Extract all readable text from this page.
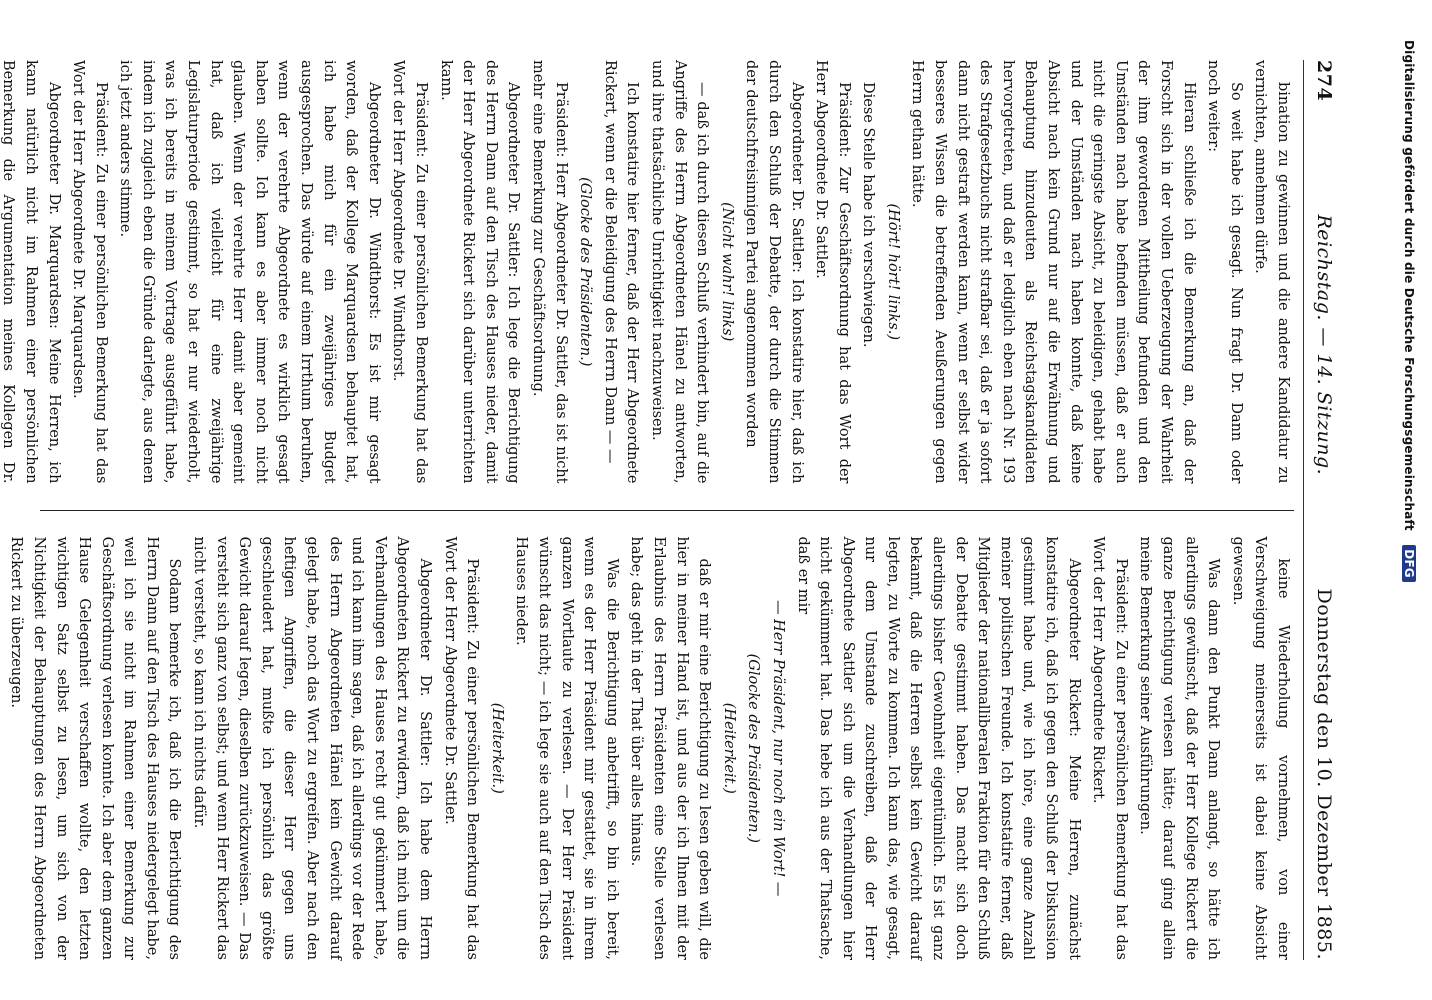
274
Reichstag. — 14. Sitzung.
Donnerstag den 10. Dezember 1885.

bination zu gewinnen und die andere Kandidatur zu vernichten, annehmen dürfe.

So weit habe ich gesagt. Nun fragt Dr. Dann oder noch weiter:

Hieran schließe ich die Bemerkung an, daß der Forscht sich in der vollen Ueberzeugung der Wahrheit der ihm gewordenen Mittheilung befunden und den Umständen nach habe befinden müssen, daß er auch nicht die geringste Absicht, zu beleidigen, gehabt habe und der Umständen nach haben konnte, daß keine Absicht nach kein Grund nur auf die Erwähnung und Behauptung hinzudeuten als Reichstagskandidaten hervorgetreten, und daß er lediglich eben nach Nr. 193 des Strafgesetzbuchs nicht strafbar sei, daß er ja sofort dann nicht gestraft werden kann, wenn er selbst wider besseres Wissen die betreffenden Aeußerungen gegen Herrn gethan hätte.

(Hört! hört! links.)

Diese Stelle habe ich verschwiegen.

Präsident: Zur Geschäftsordnung hat das Wort der Herr Abgeordnete Dr. Sattler.

Abgeordneter Dr. Sattler: Ich konstatire hier, daß ich durch den Schluß der Debatte, der durch die Stimmen der deutschfreisinnigen Partei angenommen worden

(Nicht wahr! links)

— daß ich durch diesen Schluß verhindert bin, auf die Angriffe des Herrn Abgeordneten Hänel zu antworten, und ihre thatsächliche Unrichtigkeit nachzuweisen.

Ich konstatire hier ferner, daß der Herr Abgeordnete Rickert, wenn er die Beleidigung des Herrn Dann — —

(Glocke des Präsidenten.)

Präsident: Herr Abgeordneter Dr. Sattler, das ist nicht mehr eine Bemerkung zur Geschäftsordnung.

Abgeordneter Dr. Sattler: Ich lege die Berichtigung des Herrn Dann auf den Tisch des Hauses nieder, damit der Herr Abgeordnete Rickert sich darüber unterrichten kann.

Präsident: Zu einer persönlichen Bemerkung hat das Wort der Herr Abgeordnete Dr. Windthorst.

Abgeordneter Dr. Windthorst: Es ist mir gesagt worden, daß der Kollege Marquardsen behauptet hat, ich habe mich für ein zweijähriges Budget ausgesprochen. Das würde auf einem Irrthum beruhen, wenn der verehrte Abgeordnete es wirklich gesagt haben sollte. Ich kann es aber immer noch nicht glauben. Wenn der verehrte Herr damit aber gemeint hat, daß ich vielleicht für eine zweijährige Legislaturperiode gestimmt, so hat er nur wiederholt, was ich bereits in meinem Vortrage ausgeführt habe, indem ich zugleich eben die Gründe darlegte, aus denen ich jetzt anders stimme.

Präsident: Zu einer persönlichen Bemerkung hat das Wort der Herr Abgeordnete Dr. Marquardsen.

Abgeordneter Dr. Marquardsen: Meine Herren, ich kann natürlich nicht im Rahmen einer persönlichen Bemerkung die Argumentation meines Kollegen Dr.

keine Wiederholung vornehmen, von einer Verschweigung meinerseits ist dabei keine Absicht gewesen.

Was dann den Punkt Dann anlangt, so hätte ich allerdings gewünscht, daß der Herr Kollege Rickert die ganze Berichtigung verlesen hätte; darauf ging allein meine Bemerkung seiner Ausführungen.

Präsident: Zu einer persönlichen Bemerkung hat das Wort der Herr Abgeordnete Rickert.

Abgeordneter Rickert: Meine Herren, zunächst konstatire ich, daß ich gegen den Schluß der Diskussion gestimmt habe und, wie ich höre, eine ganze Anzahl meiner politischen Freunde. Ich konstatire ferner, daß Mitglieder der nationalliberalen Fraktion für den Schluß der Debatte gestimmt haben. Das macht sich doch allerdings bisher Gewohnheit eigentümlich. Es ist ganz bekannt, daß die Herren selbst kein Gewicht darauf legten, zu Worte zu kommen. Ich kann das, wie gesagt, nur dem Umstande zuschreiben, daß der Herr Abgeordnete Sattler sich um die Verhandlungen hier nicht gekümmert hat. Das hebe ich aus der Thatsache, daß er mir

— Herr Präsident, nur noch ein Wort! —

(Glocke des Präsidenten.)

(Heiterkeit.)

daß er mir eine Berichtigung zu lesen geben will, die hier in meiner Hand ist, und aus der ich Ihnen mit der Erlaubnis des Herrn Präsidenten eine Stelle verlesen habe; das geht in der That über alles hinaus.

Was die Berichtigung anbetrifft, so bin ich bereit, wenn es der Herr Präsident mir gestattet, sie in ihrem ganzen Wortlaute zu verlesen. — Der Herr Präsident wünscht das nicht; — ich lege sie auch auf den Tisch des Hauses nieder.

(Heiterkeit.)

Präsident: Zu einer persönlichen Bemerkung hat das Wort der Herr Abgeordnete Dr. Sattler.

Abgeordneter Dr. Sattler: Ich habe dem Herrn Abgeordneten Rickert zu erwidern, daß ich mich um die Verhandlungen des Hauses recht gut gekümmert habe, und ich kann ihm sagen, daß ich allerdings vor der Rede des Herrn Abgeordneten Hänel kein Gewicht darauf gelegt habe, noch das Wort zu ergreifen. Aber nach den heftigen Angriffen, die dieser Herr gegen uns geschleudert hat, mußte ich persönlich das größte Gewicht darauf legen, dieselben zurückzuweisen. — Das versteht sich ganz von selbst; und wenn Herr Rickert das nicht versteht, so kann ich nichts dafür.

Sodann bemerke ich, daß ich die Berichtigung des Herrn Dann auf den Tisch des Hauses niedergelegt habe, weil ich sie nicht im Rahmen einer Bemerkung zur Geschäftsordnung verlesen konnte. Ich aber dem ganzen Hause Gelegenheit verschaffen wollte, den letzten wichtigen Satz selbst zu lesen, um sich von der Nichtigkeit der Behauptungen des Herrn Abgeordneten Rickert zu überzeugen.

Digitalisierung gefördert durch die Deutsche Forschungsgemeinschaft DFG
